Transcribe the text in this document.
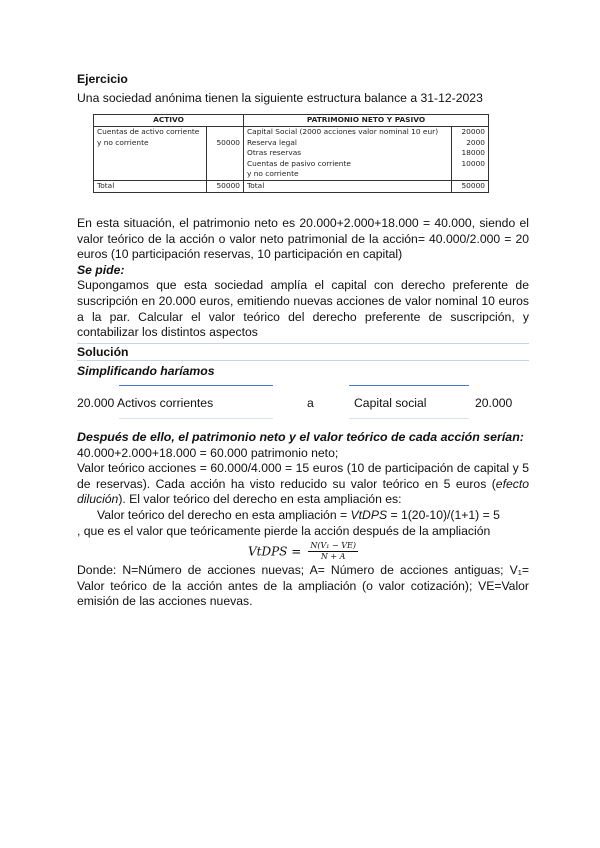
Ejercicio

Una sociedad anónima tienen la siguiente estructura balance a 31-12-2023

ACTIVO		PATRIMONIO NETO Y PASIVO	
Cuentas de activo corriente		Capital Social (2000 acciones valor nominal 10 eur)	20000
y no corriente	50000	Reserva legal	2000
		Otras reservas	18000
		Cuentas de pasivo corriente	10000
		y no corriente	
Total	50000	Total	50000

En esta situación, el patrimonio neto es 20.000+2.000+18.000 = 40.000, siendo el valor teórico de la acción o valor neto patrimonial de la acción= 40.000/2.000 = 20 euros (10 participación reservas, 10 participación en capital)

Se pide:

Supongamos que esta sociedad amplía el capital con derecho preferente de suscripción en 20.000 euros, emitiendo nuevas acciones de valor nominal 10 euros a la par. Calcular el valor teórico del derecho preferente de suscripción, y contabilizar los distintos aspectos

Solución

Simplificando haríamos

20.000 Activos corrientes	a	Capital social	20.000

Después de ello, el patrimonio neto y el valor teórico de cada acción serían:

40.000+2.000+18.000 = 60.000 patrimonio neto;

Valor teórico acciones = 60.000/4.000 = 15 euros (10 de participación de capital y 5 de reservas). Cada acción ha visto reducido su valor teórico en 5 euros (efecto dilución). El valor teórico del derecho en esta ampliación es:

Valor teórico del derecho en esta ampliación = VtDPS = 1(20-10)/(1+1) = 5

, que es el valor que teóricamente pierde la acción después de la ampliación

VtDPS = $\frac{\text{N(V₁ − VE)}}{N + A}$

Donde: N=Número de acciones nuevas; A= Número de acciones antiguas; V₁= Valor teórico de la acción antes de la ampliación (o valor cotización); VE=Valor emisión de las acciones nuevas.
